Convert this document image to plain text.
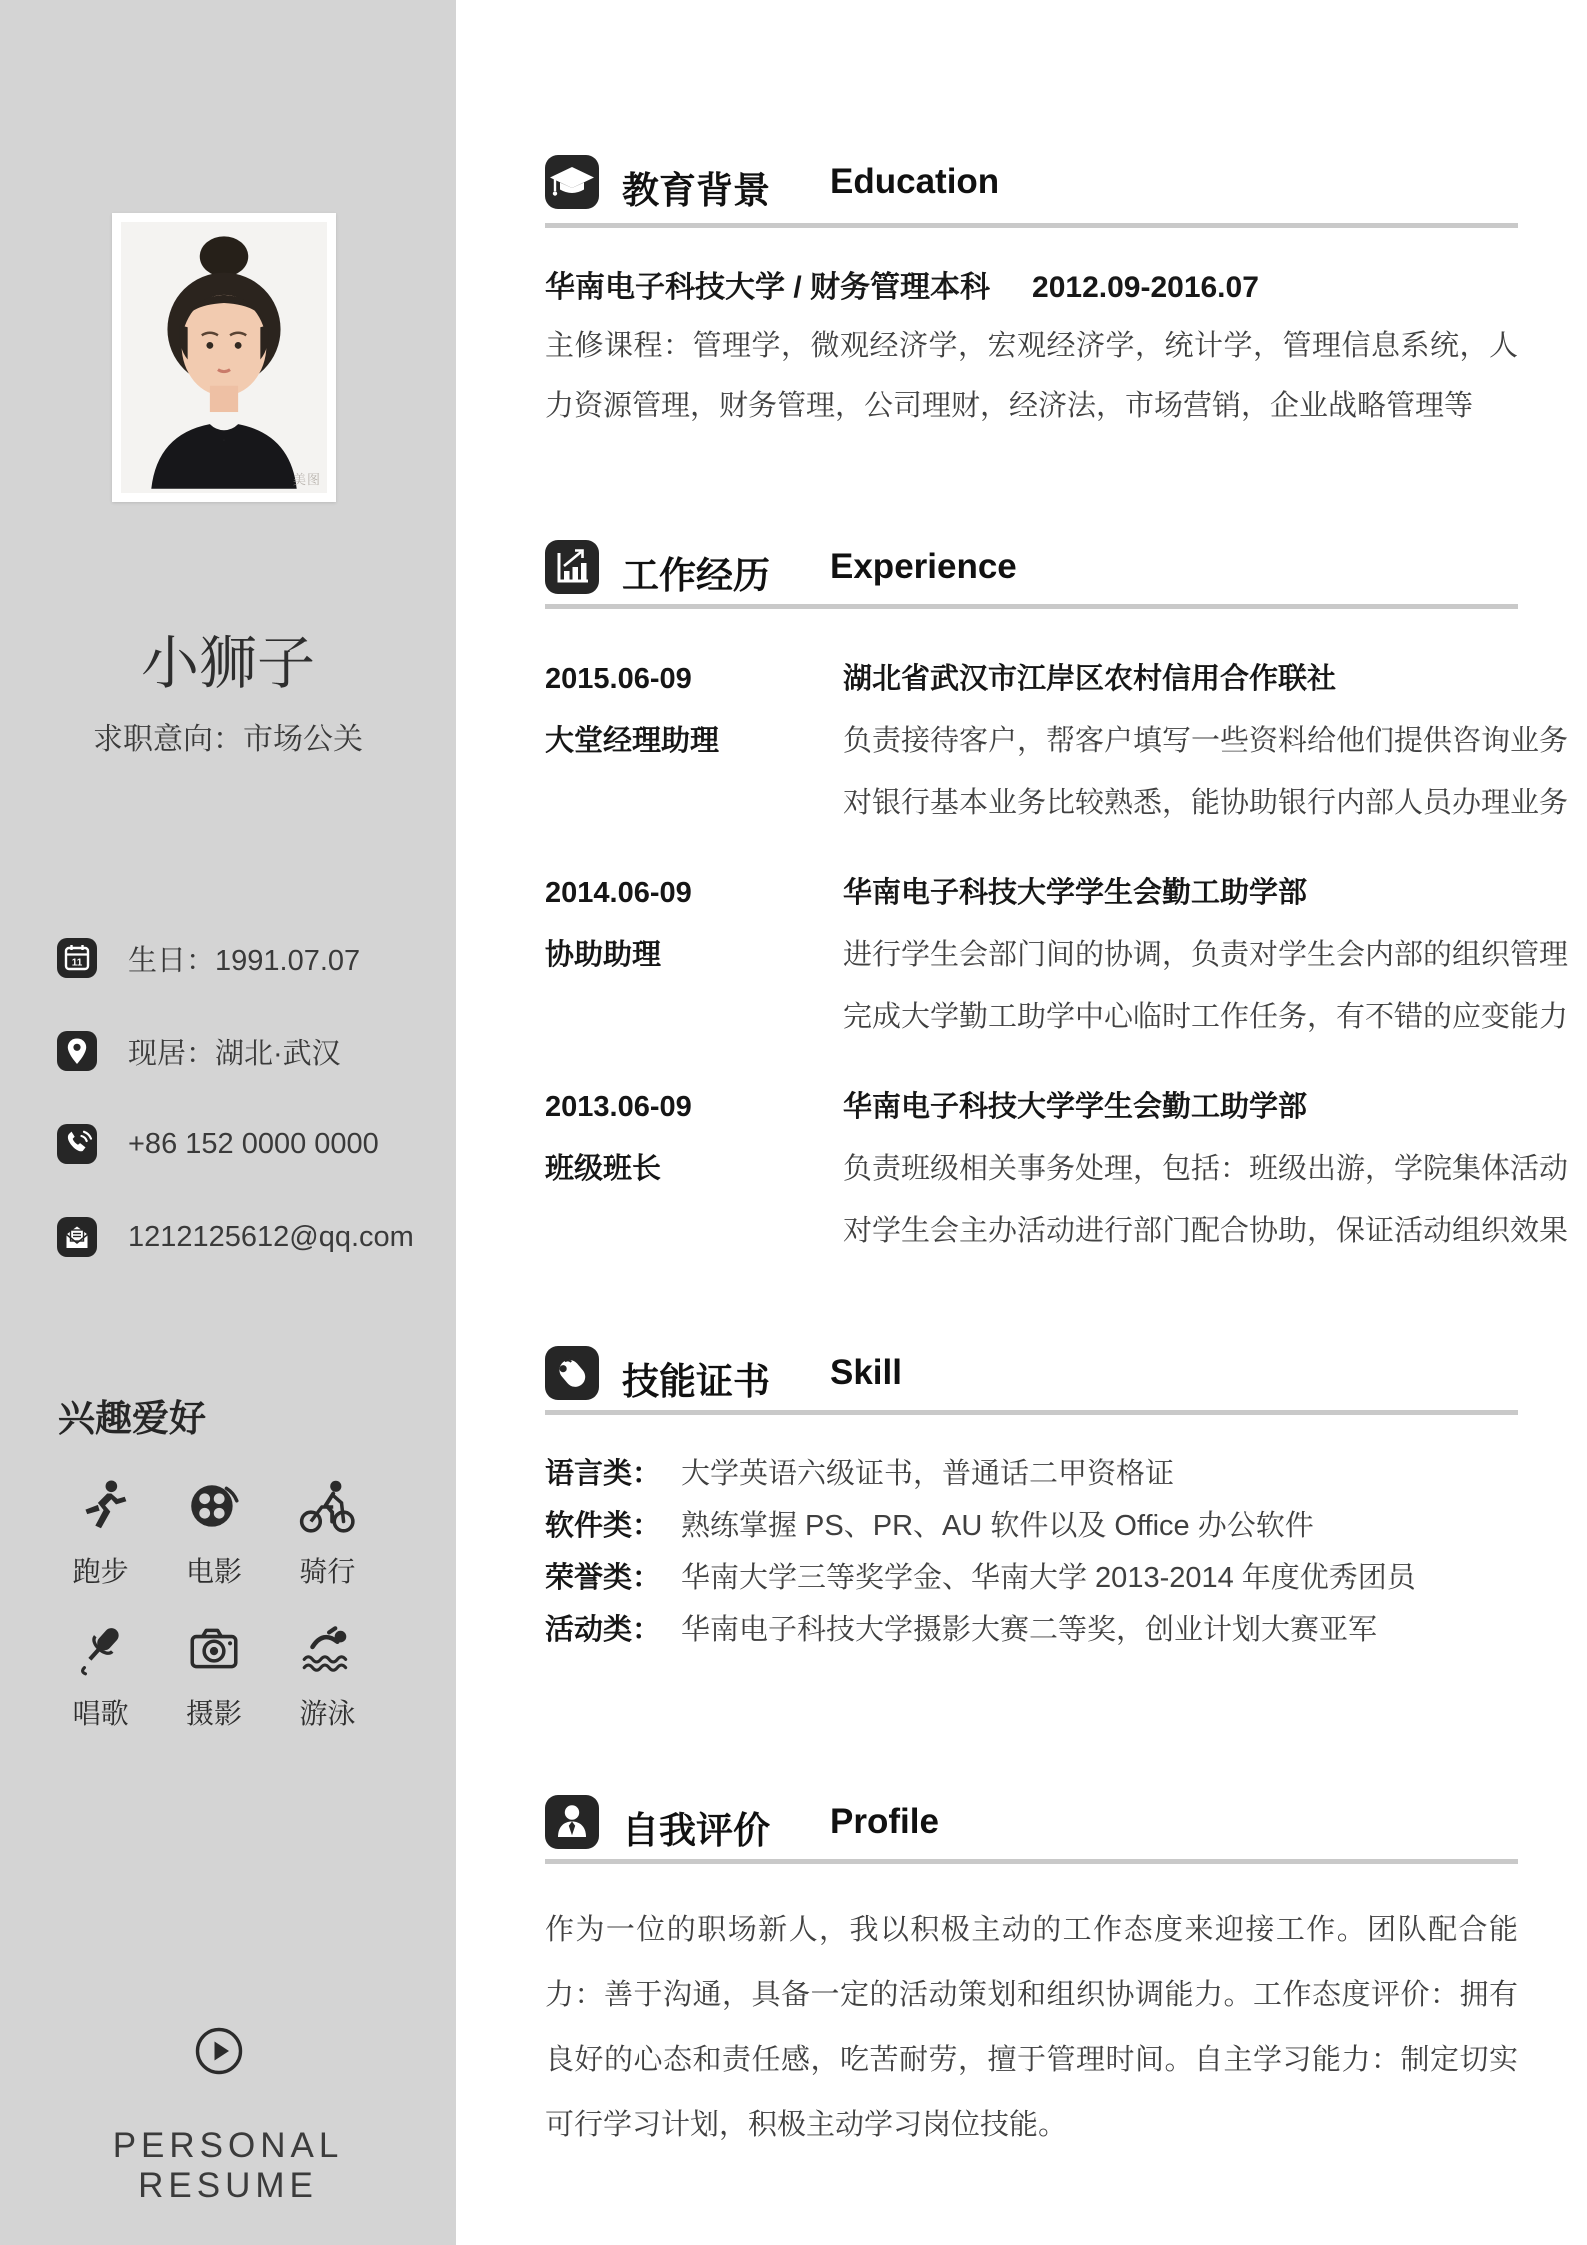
美图
小狮子
求职意向：市场公关
11 生日：1991.07.07
现居：湖北·武汉
+86 152 0000 0000
1212125612@qq.com
兴趣爱好
跑步 电影 骑行
唱歌 摄影 游泳
PERSONAL RESUME
教育背景 Education
华南电子科技大学 / 财务管理本科 2012.09-2016.07
主修课程：管理学，微观经济学，宏观经济学，统计学，管理信息系统，人力资源管理，财务管理，公司理财，经济法，市场营销，企业战略管理等
工作经历 Experience
2015.06-09
大堂经理助理
湖北省武汉市江岸区农村信用合作联社
负责接待客户，帮客户填写一些资料给他们提供咨询业务
对银行基本业务比较熟悉，能协助银行内部人员办理业务
2014.06-09
协助助理
华南电子科技大学学生会勤工助学部
进行学生会部门间的协调，负责对学生会内部的组织管理
完成大学勤工助学中心临时工作任务，有不错的应变能力
2013.06-09
班级班长
华南电子科技大学学生会勤工助学部
负责班级相关事务处理，包括：班级出游，学院集体活动
对学生会主办活动进行部门配合协助，保证活动组织效果
技能证书 Skill
语言类： 大学英语六级证书，普通话二甲资格证
软件类： 熟练掌握 PS、PR、AU 软件以及 Office 办公软件
荣誉类： 华南大学三等奖学金、华南大学 2013-2014 年度优秀团员
活动类： 华南电子科技大学摄影大赛二等奖，创业计划大赛亚军
自我评价 Profile
作为一位的职场新人，我以积极主动的工作态度来迎接工作。团队配合能力：善于沟通，具备一定的活动策划和组织协调能力。工作态度评价：拥有良好的心态和责任感，吃苦耐劳，擅于管理时间。自主学习能力：制定切实可行学习计划，积极主动学习岗位技能。
